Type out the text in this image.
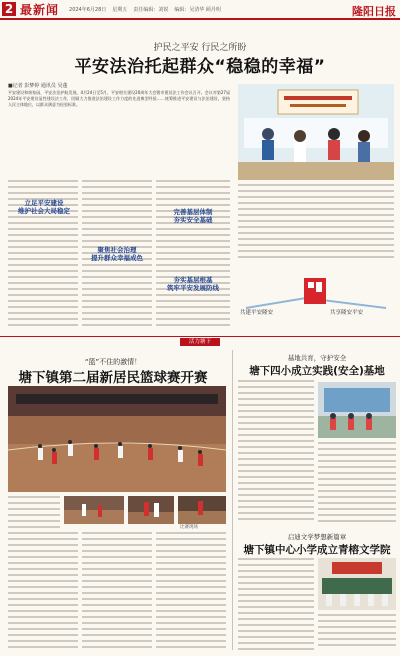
2 最新闻 2024年6月28日 星期五 责任编辑：刘锐 编辑：吴清华 顾丹明	隆阳日报
护民之平安 行民之所盼
平安法治托起群众“稳稳的幸福”
■记者 彭梦婷 通讯员 吴蓬
平安建设和谐家园，平安法治护航发展。4月24日至5月，平安相关建设20周年大会暨市建设法工作会议召开。会议对第27届2024年平安建设显性建设法工作，回顾大力推进法治建设工作力度的先进典型经验……统筹推进平安建设与法治建设，坚持人民主体地位，以群众满意为检验标准。
立足平安建设
维护社会大局稳定
聚焦社会治理
提升群众幸福成色
完善基层体制
夯实安全基础
夯实基层根基
筑牢平安发展防线
共建平安隆安	共享隆安平安
活力塘下
“篮”不住的激情！
塘下镇第二届新居民篮球赛开赛
比赛现场
基地共育，守护安全
塘下四小成立实践(安全)基地
启迪文学梦想新篇章
塘下镇中心小学成立青榕文学院
